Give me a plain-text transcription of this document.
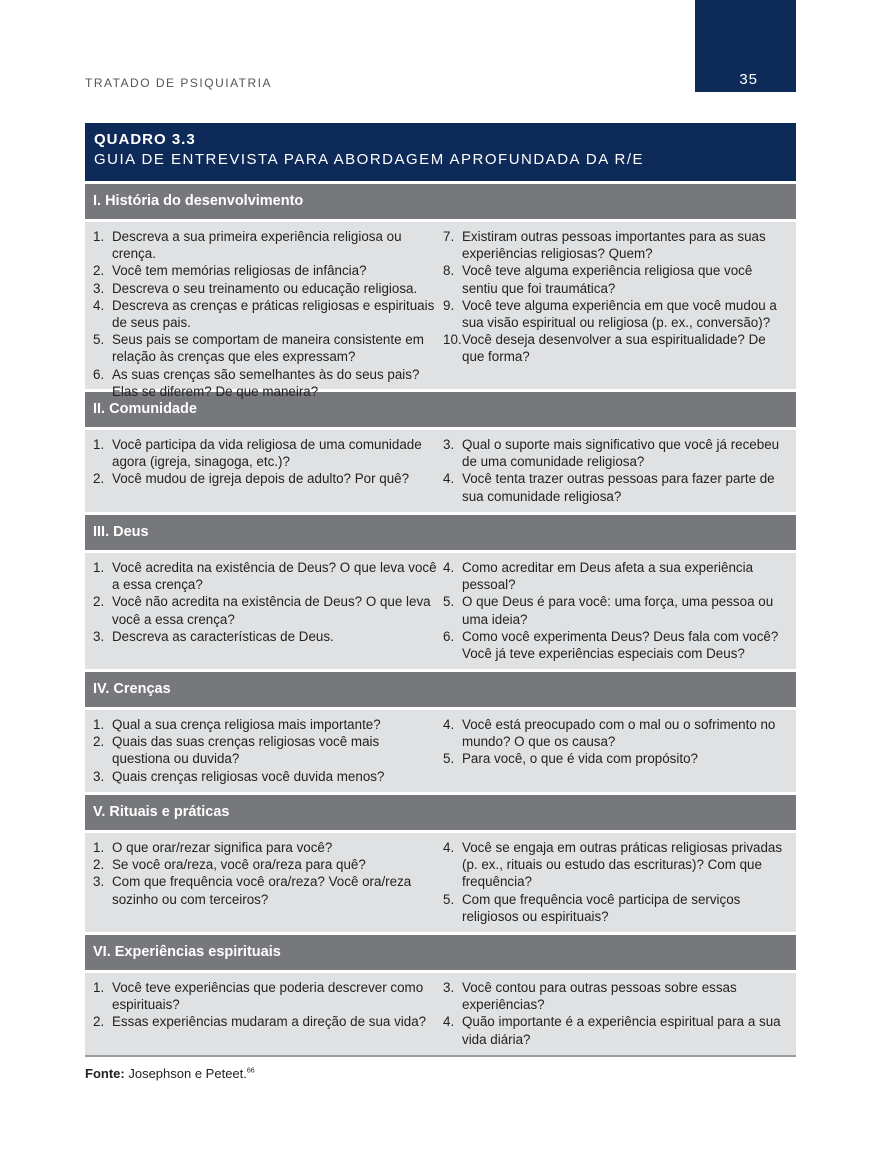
35
TRATADO DE PSIQUIATRIA
QUADRO 3.3
GUIA DE ENTREVISTA PARA ABORDAGEM APROFUNDADA DA R/E
I. História do desenvolvimento
1. Descreva a sua primeira experiência religiosa ou crença.
2. Você tem memórias religiosas de infância?
3. Descreva o seu treinamento ou educação religiosa.
4. Descreva as crenças e práticas religiosas e espirituais de seus pais.
5. Seus pais se comportam de maneira consistente em relação às crenças que eles expressam?
6. As suas crenças são semelhantes às do seus pais? Elas se diferem? De que maneira?
7. Existiram outras pessoas importantes para as suas experiências religiosas? Quem?
8. Você teve alguma experiência religiosa que você sentiu que foi traumática?
9. Você teve alguma experiência em que você mudou a sua visão espiritual ou religiosa (p. ex., conversão)?
10. Você deseja desenvolver a sua espiritualidade? De que forma?
II. Comunidade
1. Você participa da vida religiosa de uma comunidade agora (igreja, sinagoga, etc.)?
2. Você mudou de igreja depois de adulto? Por quê?
3. Qual o suporte mais significativo que você já recebeu de uma comunidade religiosa?
4. Você tenta trazer outras pessoas para fazer parte de sua comunidade religiosa?
III. Deus
1. Você acredita na existência de Deus? O que leva você a essa crença?
2. Você não acredita na existência de Deus? O que leva você a essa crença?
3. Descreva as características de Deus.
4. Como acreditar em Deus afeta a sua experiência pessoal?
5. O que Deus é para você: uma força, uma pessoa ou uma ideia?
6. Como você experimenta Deus? Deus fala com você? Você já teve experiências especiais com Deus?
IV. Crenças
1. Qual a sua crença religiosa mais importante?
2. Quais das suas crenças religiosas você mais questiona ou duvida?
3. Quais crenças religiosas você duvida menos?
4. Você está preocupado com o mal ou o sofrimento no mundo? O que os causa?
5. Para você, o que é vida com propósito?
V. Rituais e práticas
1. O que orar/rezar significa para você?
2. Se você ora/reza, você ora/reza para quê?
3. Com que frequência você ora/reza? Você ora/reza sozinho ou com terceiros?
4. Você se engaja em outras práticas religiosas privadas (p. ex., rituais ou estudo das escrituras)? Com que frequência?
5. Com que frequência você participa de serviços religiosos ou espirituais?
VI. Experiências espirituais
1. Você teve experiências que poderia descrever como espirituais?
2. Essas experiências mudaram a direção de sua vida?
3. Você contou para outras pessoas sobre essas experiências?
4. Quão importante é a experiência espiritual para a sua vida diária?
Fonte: Josephson e Peteet.$^{66}$
